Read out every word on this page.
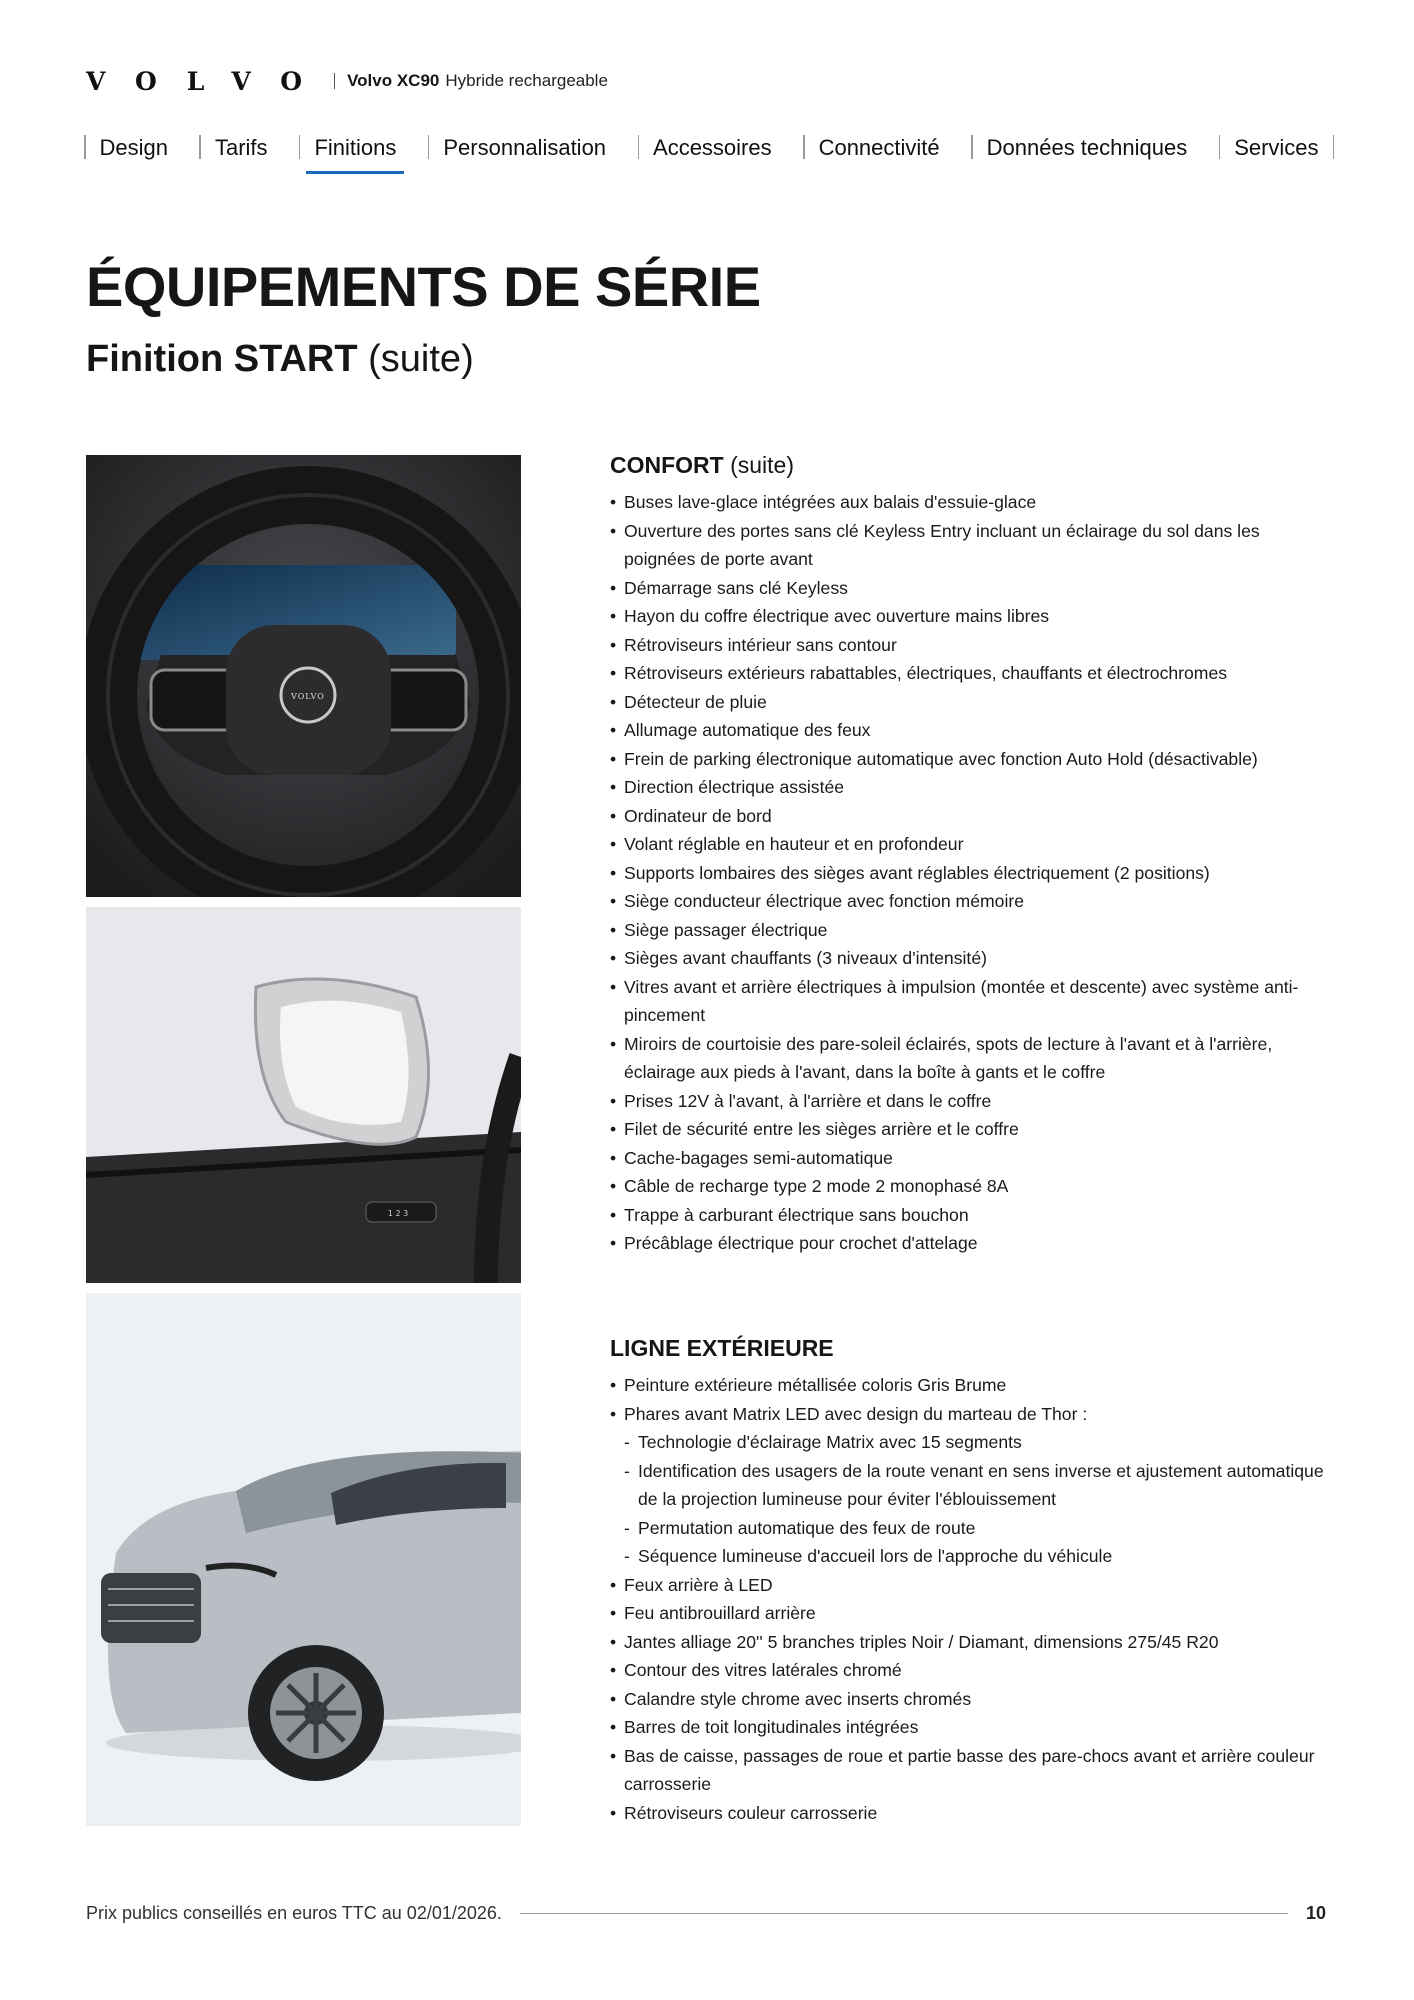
VOLVO Volvo XC90 Hybride rechargeable
Design	Tarifs	Finitions	Personnalisation	Accessoires	Connectivité	Données techniques	Services
ÉQUIPEMENTS DE SÉRIE
Finition START (suite)
VOLVO
1 2 3
CONFORT (suite)
• Buses lave-glace intégrées aux balais d'essuie-glace
• Ouverture des portes sans clé Keyless Entry incluant un éclairage du sol dans les poignées de porte avant
• Démarrage sans clé Keyless
• Hayon du coffre électrique avec ouverture mains libres
• Rétroviseurs intérieur sans contour
• Rétroviseurs extérieurs rabattables, électriques, chauffants et électrochromes
• Détecteur de pluie
• Allumage automatique des feux
• Frein de parking électronique automatique avec fonction Auto Hold (désactivable)
• Direction électrique assistée
• Ordinateur de bord
• Volant réglable en hauteur et en profondeur
• Supports lombaires des sièges avant réglables électriquement (2 positions)
• Siège conducteur électrique avec fonction mémoire
• Siège passager électrique
• Sièges avant chauffants (3 niveaux d'intensité)
• Vitres avant et arrière électriques à impulsion (montée et descente) avec système anti-pincement
• Miroirs de courtoisie des pare-soleil éclairés, spots de lecture à l'avant et à l'arrière, éclairage aux pieds à l'avant, dans la boîte à gants et le coffre
• Prises 12V à l'avant, à l'arrière et dans le coffre
• Filet de sécurité entre les sièges arrière et le coffre
• Cache-bagages semi-automatique
• Câble de recharge type 2 mode 2 monophasé 8A
• Trappe à carburant électrique sans bouchon
• Précâblage électrique pour crochet d'attelage
LIGNE EXTÉRIEURE
• Peinture extérieure métallisée coloris Gris Brume
• Phares avant Matrix LED avec design du marteau de Thor :
- Technologie d'éclairage Matrix avec 15 segments
- Identification des usagers de la route venant en sens inverse et ajustement automatique de la projection lumineuse pour éviter l'éblouissement
- Permutation automatique des feux de route
- Séquence lumineuse d'accueil lors de l'approche du véhicule
• Feux arrière à LED
• Feu antibrouillard arrière
• Jantes alliage 20'' 5 branches triples Noir / Diamant, dimensions 275/45 R20
• Contour des vitres latérales chromé
• Calandre style chrome avec inserts chromés
• Barres de toit longitudinales intégrées
• Bas de caisse, passages de roue et partie basse des pare-chocs avant et arrière couleur carrosserie
• Rétroviseurs couleur carrosserie
Prix publics conseillés en euros TTC au 02/01/2026.	10
